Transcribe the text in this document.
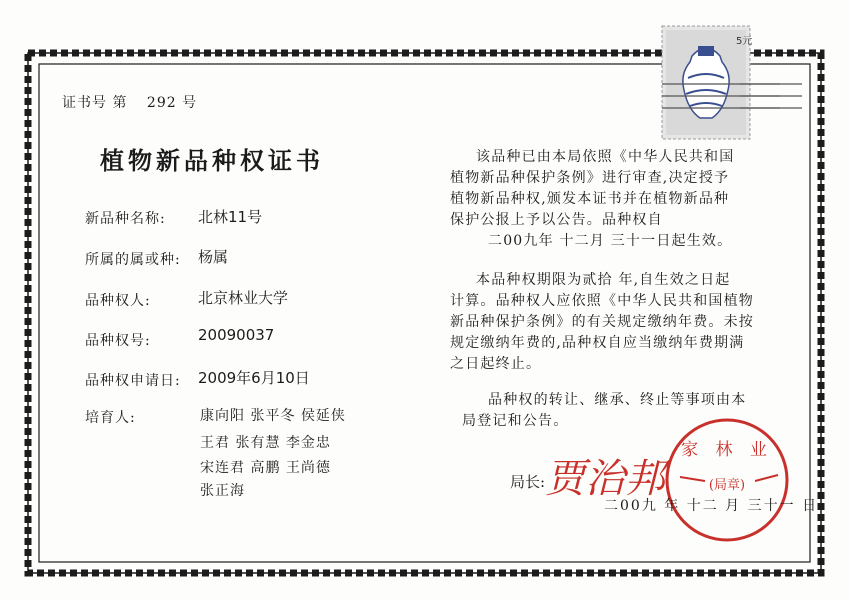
证书号 第 292 号
植物新品种权证书
新品种名称: 北林11号
所属的属或种: 杨属
品种权人:	北京林业大学
品种权号:	20090037
品种权申请日: 2009年6月10日
培育人:	康向阳 张平冬 侯延侠
王君 张有慧 李金忠
宋连君 高鹏 王尚德
张正海
该品种已由本局依照《中华人民共和国
植物新品种保护条例》进行审查,决定授予
植物新品种权,颁发本证书并在植物新品种
保护公报上予以公告。品种权自
二00九年 十二月 三十一日起生效。
本品种权期限为贰拾 年,自生效之日起
计算。品种权人应依照《中华人民共和国植物
新品种保护条例》的有关规定缴纳年费。未按
规定缴纳年费的,品种权自应当缴纳年费期满
之日起终止。
品种权的转让、继承、终止等事项由本
局登记和公告。
5元
局长: 贾治邦
家 林 业
(局章)
二00九 年 十二 月 三十一 日
